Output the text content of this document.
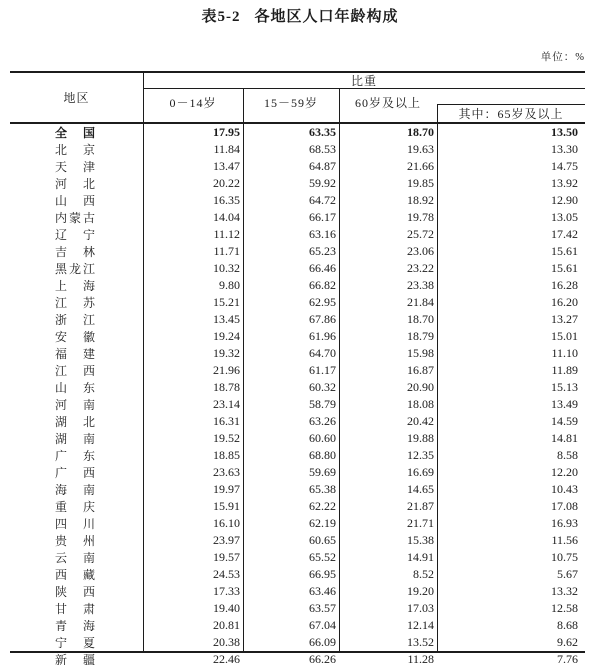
表5-2 各地区人口年龄构成
单位：%
地区
比重
0－14岁	15－59岁	60岁及以上
其中：65岁及以上
全国	17.95	63.35	18.70	13.50
北京	11.84	68.53	19.63	13.30
天津	13.47	64.87	21.66	14.75
河北	20.22	59.92	19.85	13.92
山西	16.35	64.72	18.92	12.90
内蒙古	14.04	66.17	19.78	13.05
辽宁	11.12	63.16	25.72	17.42
吉林	11.71	65.23	23.06	15.61
黑龙江	10.32	66.46	23.22	15.61
上海	9.80	66.82	23.38	16.28
江苏	15.21	62.95	21.84	16.20
浙江	13.45	67.86	18.70	13.27
安徽	19.24	61.96	18.79	15.01
福建	19.32	64.70	15.98	11.10
江西	21.96	61.17	16.87	11.89
山东	18.78	60.32	20.90	15.13
河南	23.14	58.79	18.08	13.49
湖北	16.31	63.26	20.42	14.59
湖南	19.52	60.60	19.88	14.81
广东	18.85	68.80	12.35	8.58
广西	23.63	59.69	16.69	12.20
海南	19.97	65.38	14.65	10.43
重庆	15.91	62.22	21.87	17.08
四川	16.10	62.19	21.71	16.93
贵州	23.97	60.65	15.38	11.56
云南	19.57	65.52	14.91	10.75
西藏	24.53	66.95	8.52	5.67
陕西	17.33	63.46	19.20	13.32
甘肃	19.40	63.57	17.03	12.58
青海	20.81	67.04	12.14	8.68
宁夏	20.38	66.09	13.52	9.62
新疆	22.46	66.26	11.28	7.76
